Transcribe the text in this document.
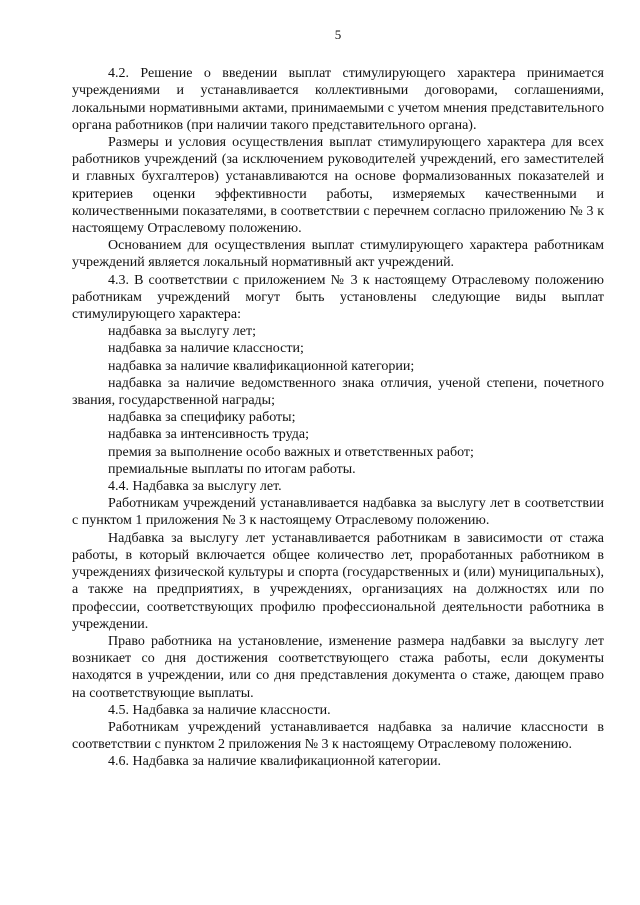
5

4.2. Решение о введении выплат стимулирующего характера принимается учреждениями и устанавливается коллективными договорами, соглашениями, локальными нормативными актами, принимаемыми с учетом мнения представительного органа работников (при наличии такого представительного органа).

Размеры и условия осуществления выплат стимулирующего характера для всех работников учреждений (за исключением руководителей учреждений, его заместителей и главных бухгалтеров) устанавливаются на основе формализованных показателей и критериев оценки эффективности работы, измеряемых качественными и количественными показателями, в соответствии с перечнем согласно приложению № 3 к настоящему Отраслевому положению.

Основанием для осуществления выплат стимулирующего характера работникам учреждений является локальный нормативный акт учреждений.

4.3. В соответствии с приложением № 3 к настоящему Отраслевому положению работникам учреждений могут быть установлены следующие виды выплат стимулирующего характера:

надбавка за выслугу лет;

надбавка за наличие классности;

надбавка за наличие квалификационной категории;

надбавка за наличие ведомственного знака отличия, ученой степени, почетного звания, государственной награды;

надбавка за специфику работы;

надбавка за интенсивность труда;

премия за выполнение особо важных и ответственных работ;

премиальные выплаты по итогам работы.

4.4. Надбавка за выслугу лет.

Работникам учреждений устанавливается надбавка за выслугу лет в соответствии с пунктом 1 приложения № 3 к настоящему Отраслевому положению.

Надбавка за выслугу лет устанавливается работникам в зависимости от стажа работы, в который включается общее количество лет, проработанных работником в учреждениях физической культуры и спорта (государственных и (или) муниципальных), а также на предприятиях, в учреждениях, организациях на должностях или по профессии, соответствующих профилю профессиональной деятельности работника в учреждении.

Право работника на установление, изменение размера надбавки за выслугу лет возникает со дня достижения соответствующего стажа работы, если документы находятся в учреждении, или со дня представления документа о стаже, дающем право на соответствующие выплаты.

4.5. Надбавка за наличие классности.

Работникам учреждений устанавливается надбавка за наличие классности в соответствии с пунктом 2 приложения № 3 к настоящему Отраслевому положению.

4.6. Надбавка за наличие квалификационной категории.
